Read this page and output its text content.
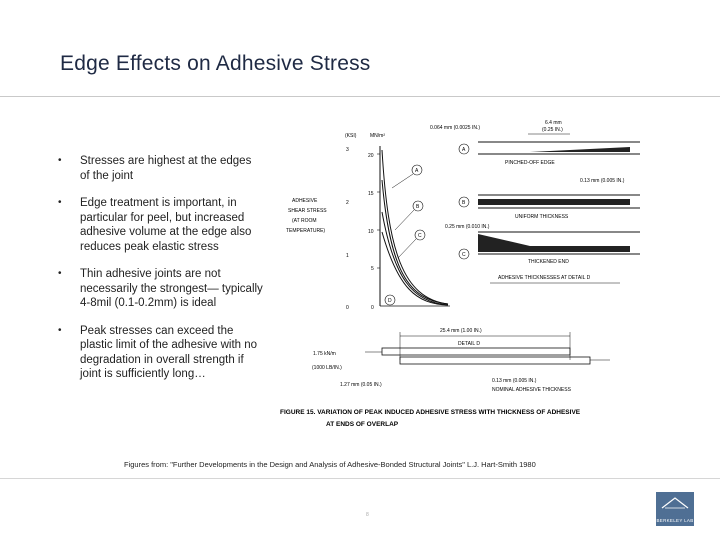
Edge Effects on Adhesive Stress
•	Stresses are highest at the edges of the joint
•	Edge treatment is important, in particular for peel, but increased adhesive volume at the edge also reduces peak elastic stress
•	Thin adhesive joints are not necessarily the strongest— typically 4-8mil (0.1-0.2mm) is ideal
•	Peak stresses can exceed the plastic limit of the adhesive with no degradation in overall strength if joint is sufficiently long…
(KSI)	MN/m²
3
2
1
0
20
15
10
5
0
ADHESIVE
SHEAR STRESS
(AT ROOM
TEMPERATURE)
A
B
C
D
0.064 mm (0.0025 IN.)
6.4 mm
(0.25 IN.)
A
PINCHED-OFF EDGE
0.13 mm (0.005 IN.)
B
UNIFORM THICKNESS
0.25 mm (0.010 IN.)
C
THICKENED END
ADHESIVE THICKNESSES AT DETAIL D
25.4 mm (1.00 IN.)
DETAIL D
1.75 kN/m
(1000 LB/IN.)
0.13 mm (0.005 IN.)
NOMINAL ADHESIVE THICKNESS
1.27 mm (0.05 IN.)
FIGURE 15. VARIATION OF PEAK INDUCED ADHESIVE STRESS WITH THICKNESS OF ADHESIVE
AT ENDS OF OVERLAP
Figures from: "Further Developments in the Design and Analysis of Adhesive-Bonded Structural Joints" L.J. Hart-Smith 1980
8
BERKELEY LAB
